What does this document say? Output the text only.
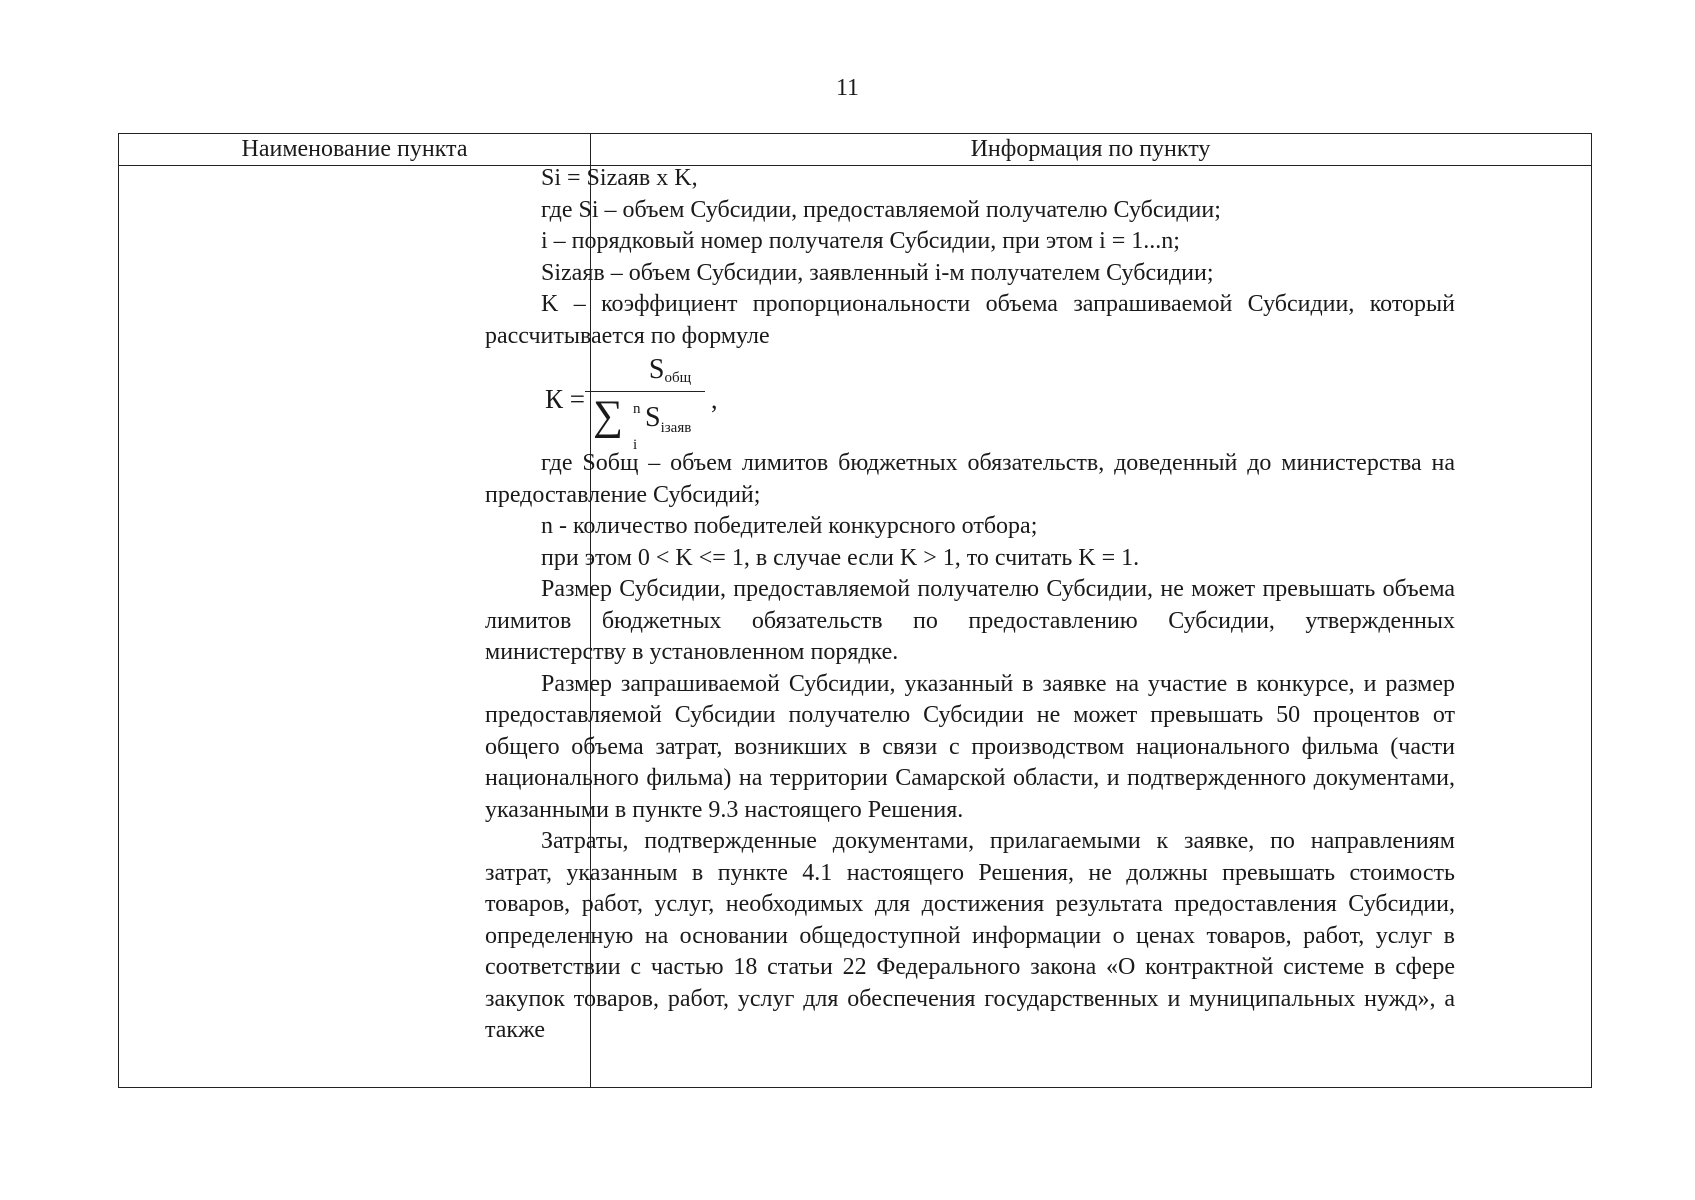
11
Наименование пункта	Информация по пункту

Si = Sizаяв x K,

где Si – объем Субсидии, предоставляемой получателю Субсидии;

i – порядковый номер получателя Субсидии, при этом i = 1...n;

Sizаяв – объем Субсидии, заявленный i-м получателем Субсидии;

K – коэффициент пропорциональности объема запрашиваемой Субсидии, который рассчитывается по формуле

К =
$S_{общ}$
,
∑ n
i
$S_{iзаяв}$

где Sобщ – объем лимитов бюджетных обязательств, доведенный до министерства на предоставление Субсидий;

n - количество победителей конкурсного отбора;

при этом 0 < K <= 1, в случае если K > 1, то считать K = 1.

Размер Субсидии, предоставляемой получателю Субсидии, не может превышать объема лимитов бюджетных обязательств по предоставлению Субсидии, утвержденных министерству в установленном порядке.

Размер запрашиваемой Субсидии, указанный в заявке на участие в конкурсе, и размер предоставляемой Субсидии получателю Субсидии не может превышать 50 процентов от общего объема затрат, возникших в связи с производством национального фильма (части национального фильма) на территории Самарской области, и подтвержденного документами, указанными в пункте 9.3 настоящего Решения.

Затраты, подтвержденные документами, прилагаемыми к заявке, по направлениям затрат, указанным в пункте 4.1 настоящего Решения, не должны превышать стоимость товаров, работ, услуг, необходимых для достижения результата предоставления Субсидии, определенную на основании общедоступной информации о ценах товаров, работ, услуг в соответствии с частью 18 статьи 22 Федерального закона «О контрактной системе в сфере закупок товаров, работ, услуг для обеспечения государственных и муниципальных нужд», а также
